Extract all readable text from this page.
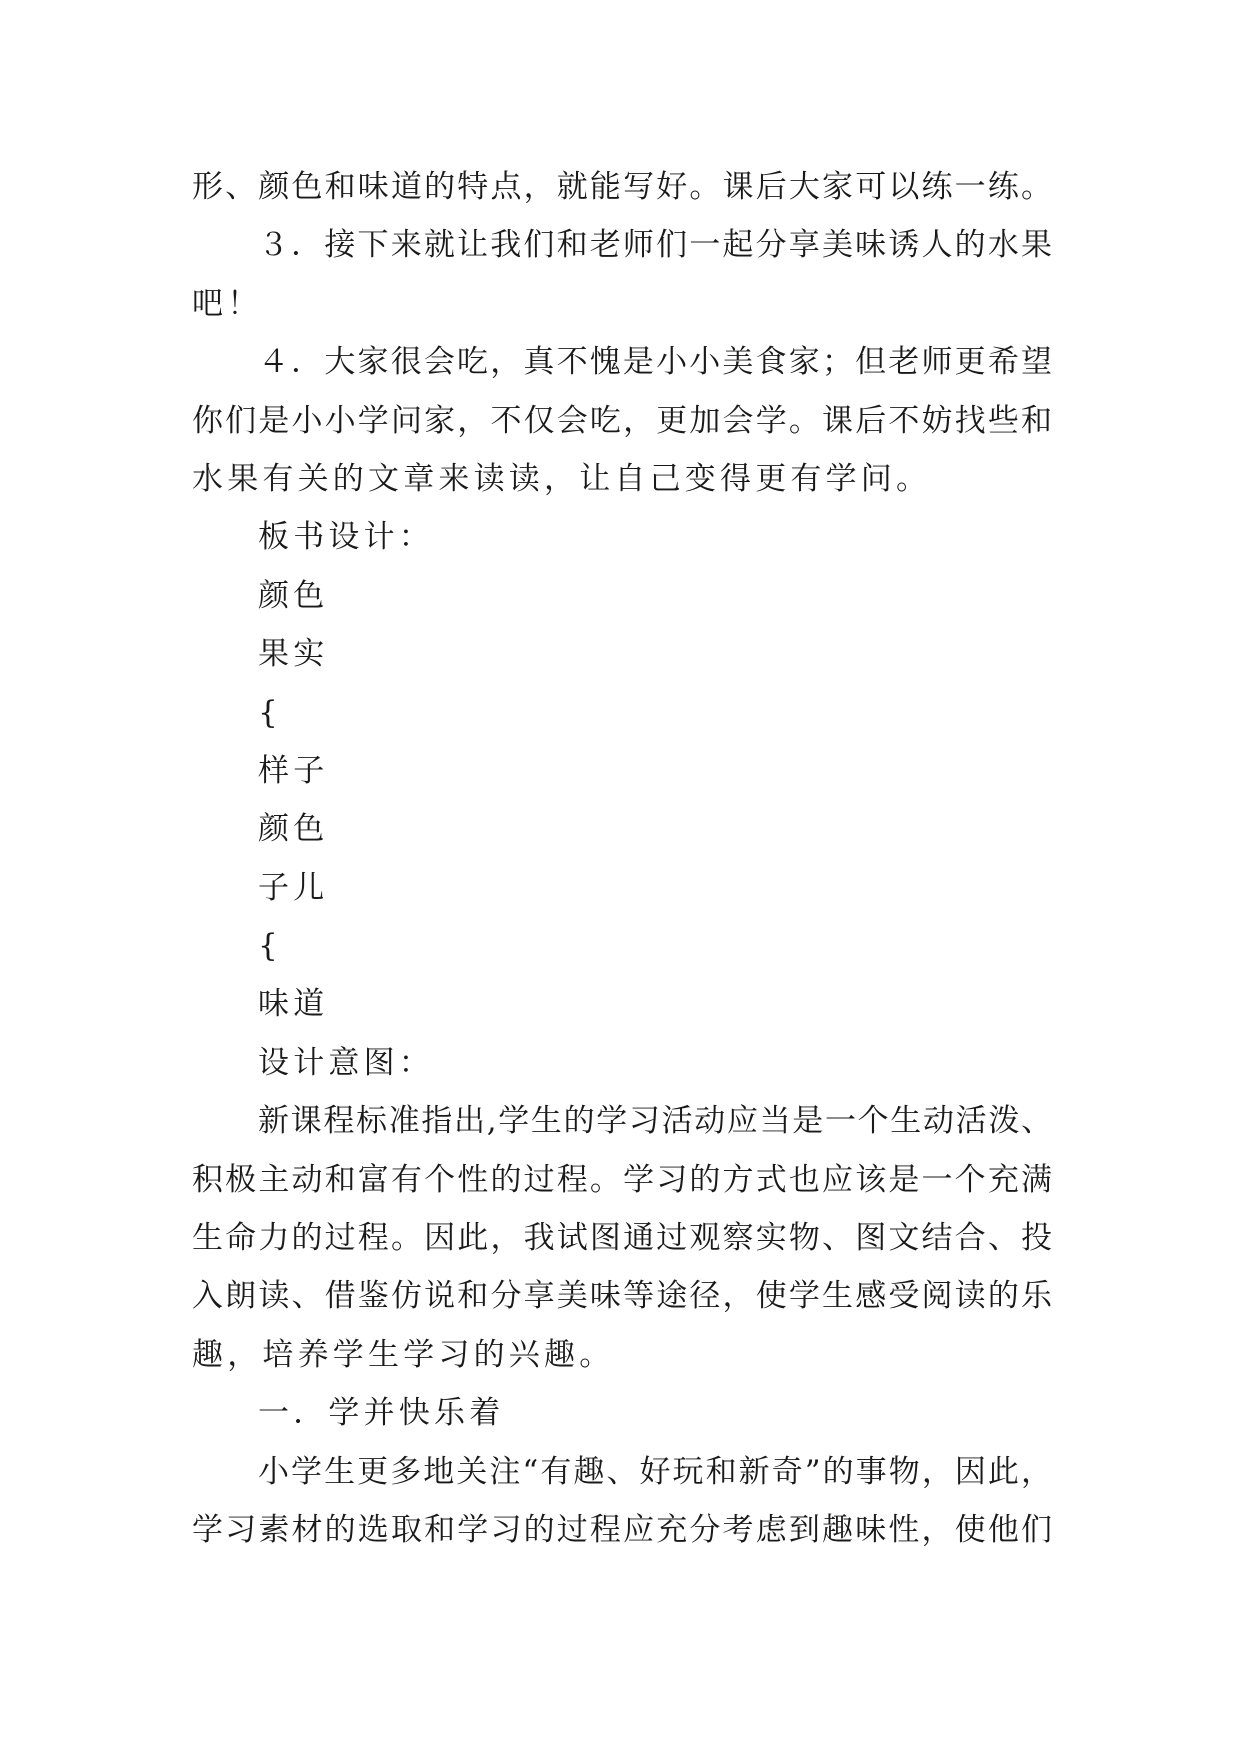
形、颜色和味道的特点，就能写好。课后大家可以练一练。
３．接下来就让我们和老师们一起分享美味诱人的水果
吧！
４．大家很会吃，真不愧是小小美食家；但老师更希望
你们是小小学问家，不仅会吃，更加会学。课后不妨找些和
水果有关的文章来读读，让自己变得更有学问。
板书设计：
颜色
果实
{
样子
颜色
子儿
{
味道
设计意图：
新课程标准指出,学生的学习活动应当是一个生动活泼、
积极主动和富有个性的过程。学习的方式也应该是一个充满
生命力的过程。因此，我试图通过观察实物、图文结合、投
入朗读、借鉴仿说和分享美味等途径，使学生感受阅读的乐
趣，培养学生学习的兴趣。
一．学并快乐着
小学生更多地关注“有趣、好玩和新奇”的事物，因此，
学习素材的选取和学习的过程应充分考虑到趣味性，使他们
